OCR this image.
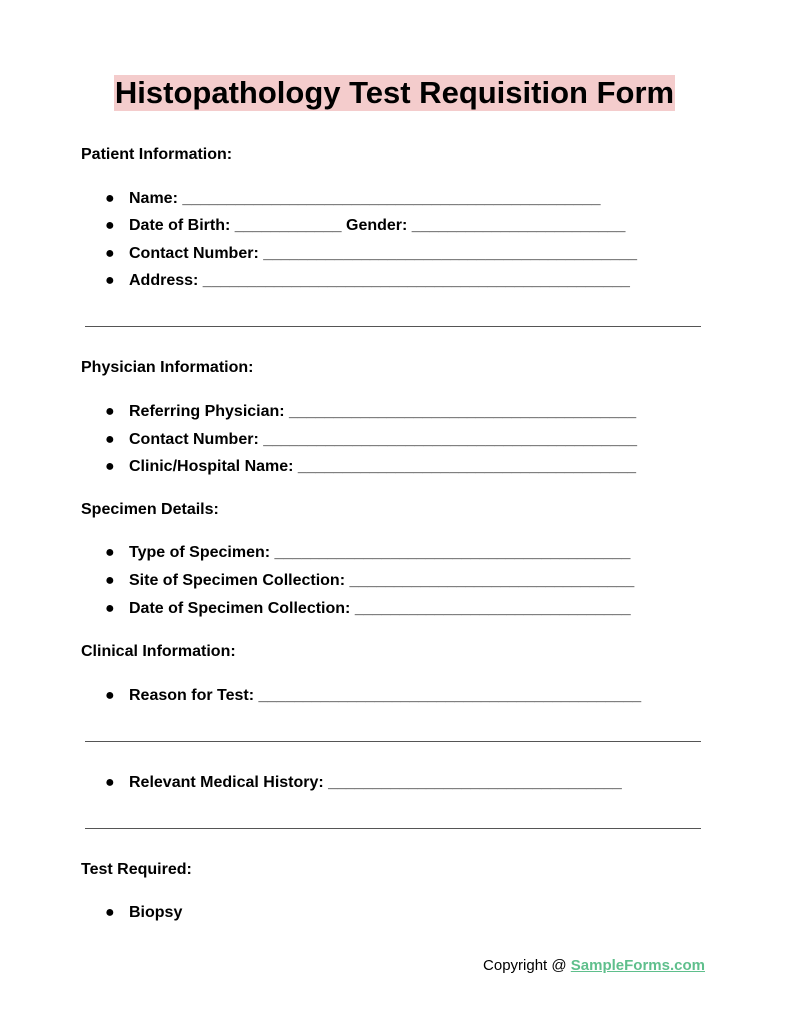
Histopathology Test Requisition Form
Patient Information:
● Name: _______________________________________________
● Date of Birth: ____________ Gender: ________________________
● Contact Number: __________________________________________
● Address: ________________________________________________
Physician Information:
● Referring Physician: _______________________________________
● Contact Number: __________________________________________
● Clinic/Hospital Name: ______________________________________
Specimen Details:
● Type of Specimen: ________________________________________
● Site of Specimen Collection: ________________________________
● Date of Specimen Collection: _______________________________
Clinical Information:
● Reason for Test: ___________________________________________
● Relevant Medical History: _________________________________
Test Required:
● Biopsy
Copyright @ SampleForms.com
